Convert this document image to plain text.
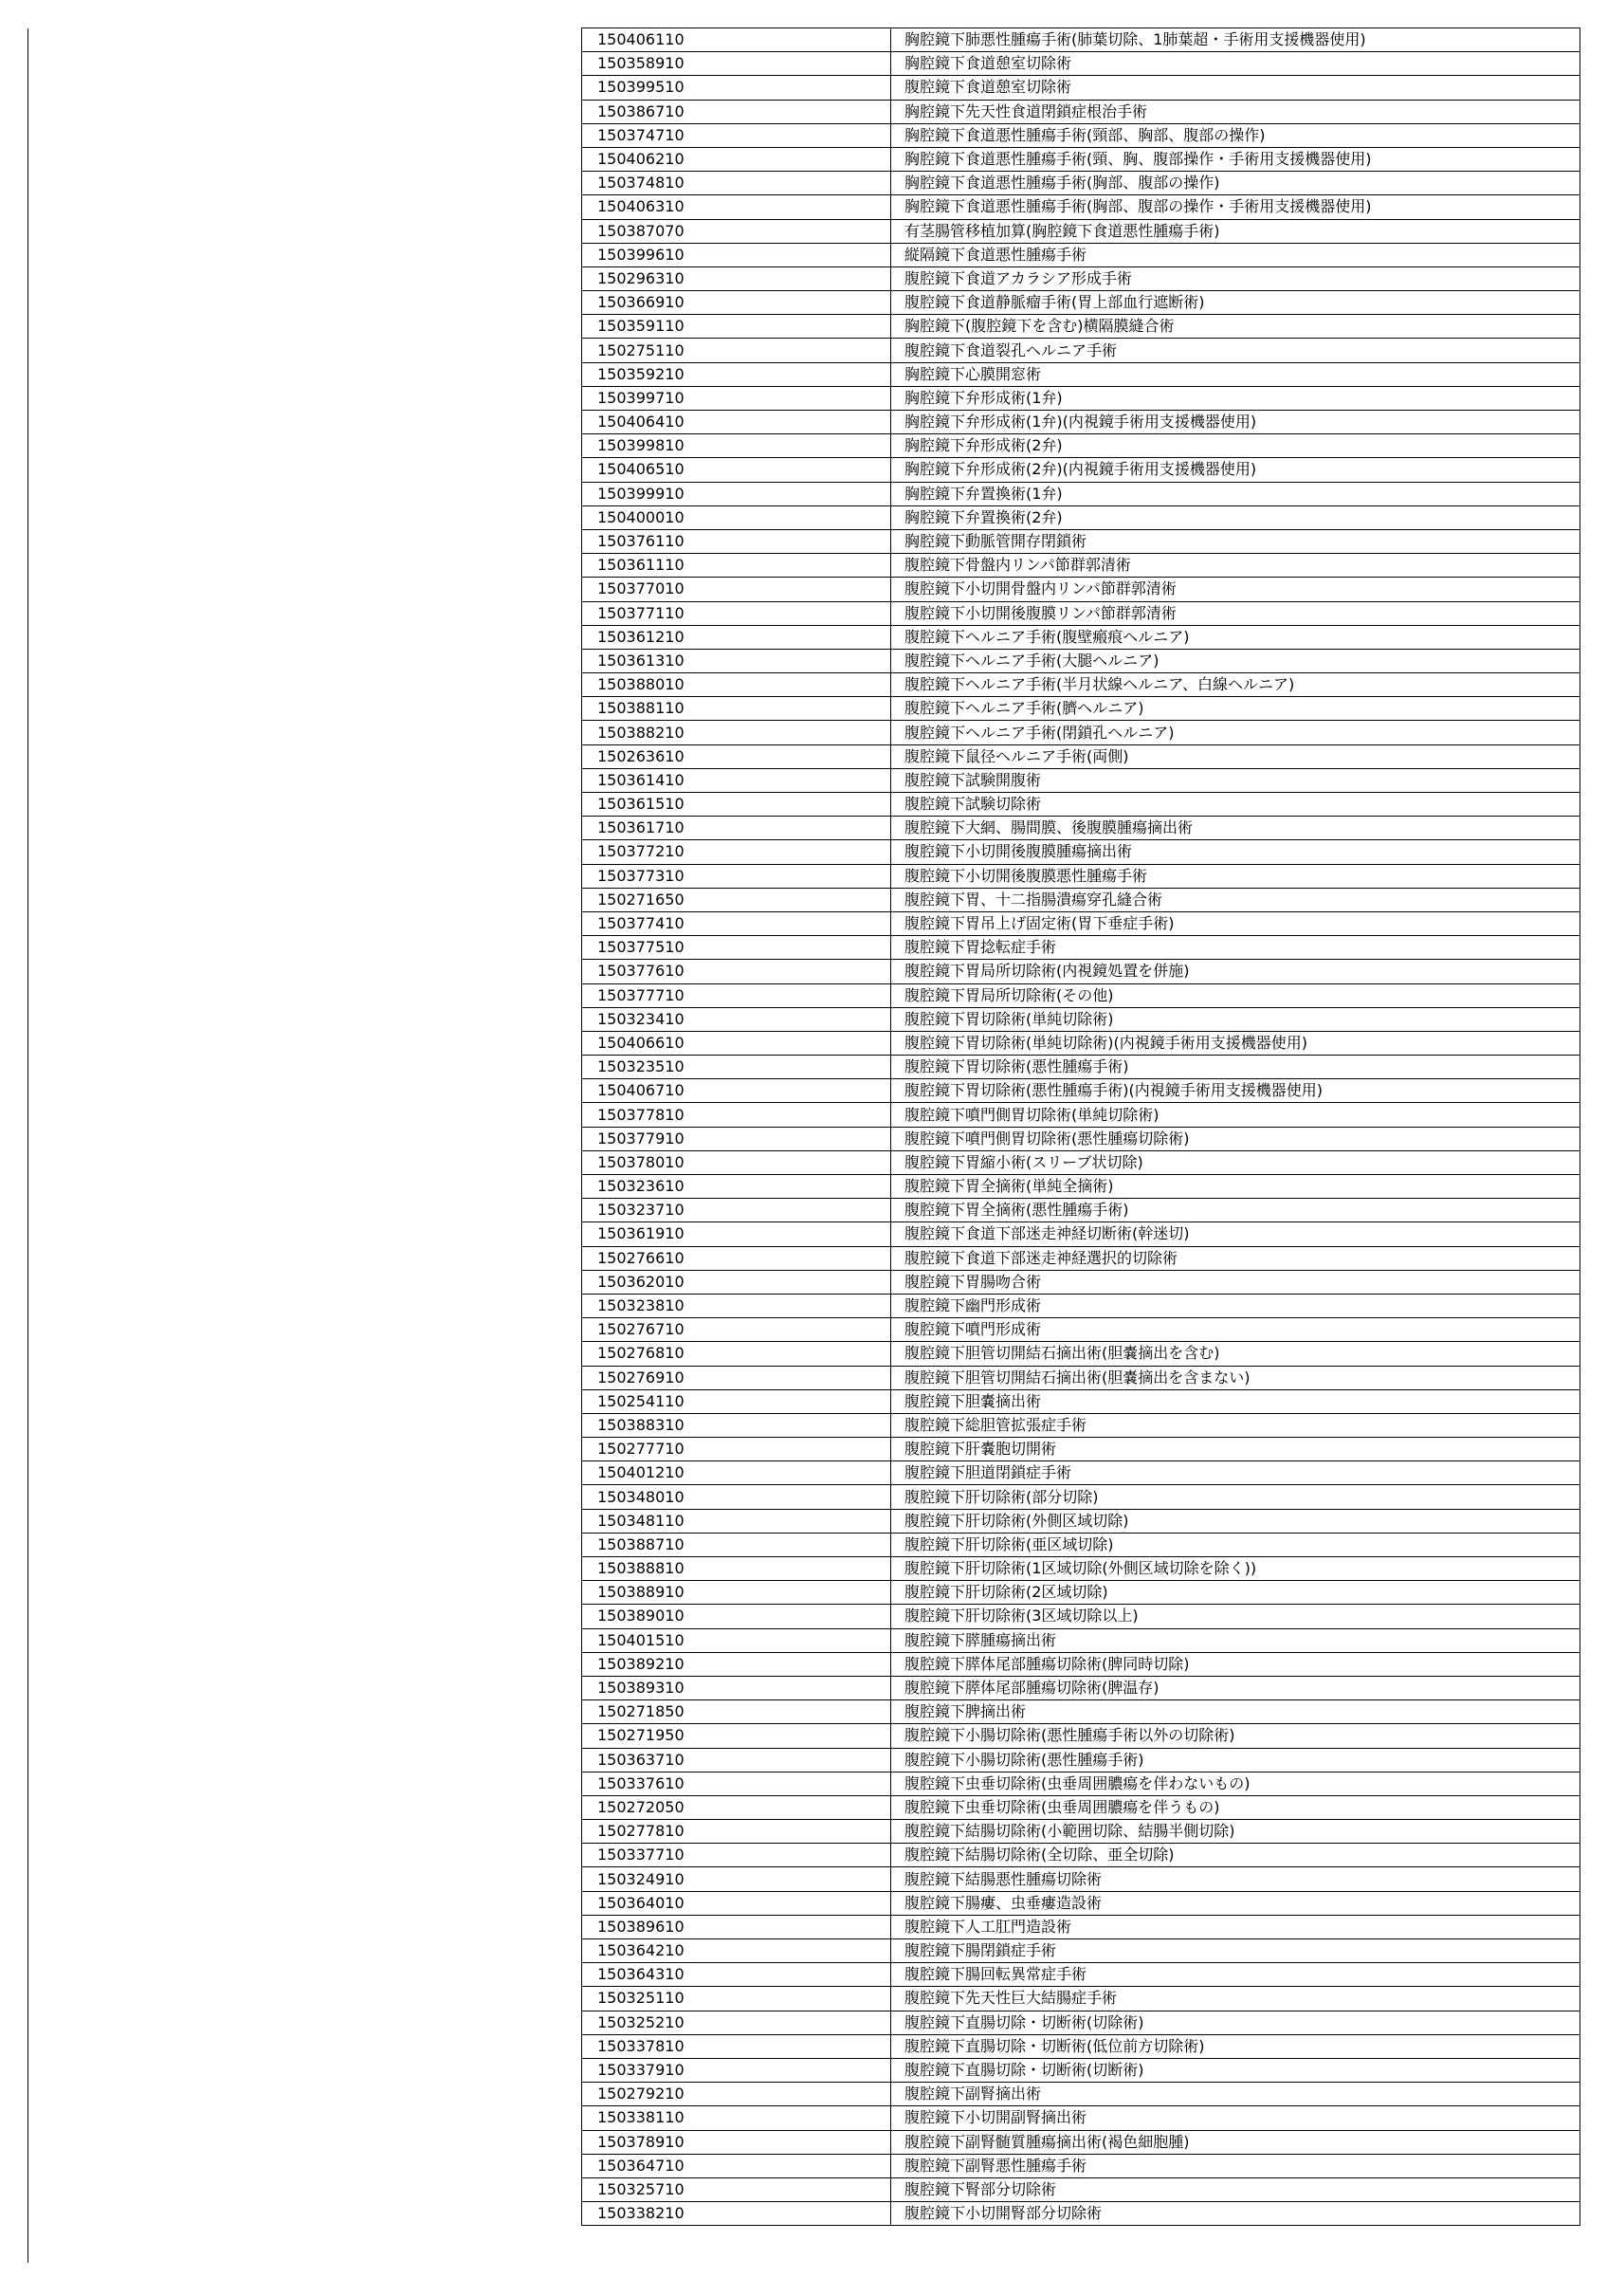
150406110	胸腔鏡下肺悪性腫瘍手術(肺葉切除、1肺葉超・手術用支援機器使用)
150358910	胸腔鏡下食道憩室切除術
150399510	腹腔鏡下食道憩室切除術
150386710	胸腔鏡下先天性食道閉鎖症根治手術
150374710	胸腔鏡下食道悪性腫瘍手術(頸部、胸部、腹部の操作)
150406210	胸腔鏡下食道悪性腫瘍手術(頸、胸、腹部操作・手術用支援機器使用)
150374810	胸腔鏡下食道悪性腫瘍手術(胸部、腹部の操作)
150406310	胸腔鏡下食道悪性腫瘍手術(胸部、腹部の操作・手術用支援機器使用)
150387070	有茎腸管移植加算(胸腔鏡下食道悪性腫瘍手術)
150399610	縦隔鏡下食道悪性腫瘍手術
150296310	腹腔鏡下食道アカラシア形成手術
150366910	腹腔鏡下食道静脈瘤手術(胃上部血行遮断術)
150359110	胸腔鏡下(腹腔鏡下を含む)横隔膜縫合術
150275110	腹腔鏡下食道裂孔ヘルニア手術
150359210	胸腔鏡下心膜開窓術
150399710	胸腔鏡下弁形成術(1弁)
150406410	胸腔鏡下弁形成術(1弁)(内視鏡手術用支援機器使用)
150399810	胸腔鏡下弁形成術(2弁)
150406510	胸腔鏡下弁形成術(2弁)(内視鏡手術用支援機器使用)
150399910	胸腔鏡下弁置換術(1弁)
150400010	胸腔鏡下弁置換術(2弁)
150376110	胸腔鏡下動脈管開存閉鎖術
150361110	腹腔鏡下骨盤内リンパ節群郭清術
150377010	腹腔鏡下小切開骨盤内リンパ節群郭清術
150377110	腹腔鏡下小切開後腹膜リンパ節群郭清術
150361210	腹腔鏡下ヘルニア手術(腹壁瘢痕ヘルニア)
150361310	腹腔鏡下ヘルニア手術(大腿ヘルニア)
150388010	腹腔鏡下ヘルニア手術(半月状線ヘルニア、白線ヘルニア)
150388110	腹腔鏡下ヘルニア手術(臍ヘルニア)
150388210	腹腔鏡下ヘルニア手術(閉鎖孔ヘルニア)
150263610	腹腔鏡下鼠径ヘルニア手術(両側)
150361410	腹腔鏡下試験開腹術
150361510	腹腔鏡下試験切除術
150361710	腹腔鏡下大網、腸間膜、後腹膜腫瘍摘出術
150377210	腹腔鏡下小切開後腹膜腫瘍摘出術
150377310	腹腔鏡下小切開後腹膜悪性腫瘍手術
150271650	腹腔鏡下胃、十二指腸潰瘍穿孔縫合術
150377410	腹腔鏡下胃吊上げ固定術(胃下垂症手術)
150377510	腹腔鏡下胃捻転症手術
150377610	腹腔鏡下胃局所切除術(内視鏡処置を併施)
150377710	腹腔鏡下胃局所切除術(その他)
150323410	腹腔鏡下胃切除術(単純切除術)
150406610	腹腔鏡下胃切除術(単純切除術)(内視鏡手術用支援機器使用)
150323510	腹腔鏡下胃切除術(悪性腫瘍手術)
150406710	腹腔鏡下胃切除術(悪性腫瘍手術)(内視鏡手術用支援機器使用)
150377810	腹腔鏡下噴門側胃切除術(単純切除術)
150377910	腹腔鏡下噴門側胃切除術(悪性腫瘍切除術)
150378010	腹腔鏡下胃縮小術(スリーブ状切除)
150323610	腹腔鏡下胃全摘術(単純全摘術)
150323710	腹腔鏡下胃全摘術(悪性腫瘍手術)
150361910	腹腔鏡下食道下部迷走神経切断術(幹迷切)
150276610	腹腔鏡下食道下部迷走神経選択的切除術
150362010	腹腔鏡下胃腸吻合術
150323810	腹腔鏡下幽門形成術
150276710	腹腔鏡下噴門形成術
150276810	腹腔鏡下胆管切開結石摘出術(胆嚢摘出を含む)
150276910	腹腔鏡下胆管切開結石摘出術(胆嚢摘出を含まない)
150254110	腹腔鏡下胆嚢摘出術
150388310	腹腔鏡下総胆管拡張症手術
150277710	腹腔鏡下肝嚢胞切開術
150401210	腹腔鏡下胆道閉鎖症手術
150348010	腹腔鏡下肝切除術(部分切除)
150348110	腹腔鏡下肝切除術(外側区域切除)
150388710	腹腔鏡下肝切除術(亜区域切除)
150388810	腹腔鏡下肝切除術(1区域切除(外側区域切除を除く))
150388910	腹腔鏡下肝切除術(2区域切除)
150389010	腹腔鏡下肝切除術(3区域切除以上)
150401510	腹腔鏡下膵腫瘍摘出術
150389210	腹腔鏡下膵体尾部腫瘍切除術(脾同時切除)
150389310	腹腔鏡下膵体尾部腫瘍切除術(脾温存)
150271850	腹腔鏡下脾摘出術
150271950	腹腔鏡下小腸切除術(悪性腫瘍手術以外の切除術)
150363710	腹腔鏡下小腸切除術(悪性腫瘍手術)
150337610	腹腔鏡下虫垂切除術(虫垂周囲膿瘍を伴わないもの)
150272050	腹腔鏡下虫垂切除術(虫垂周囲膿瘍を伴うもの)
150277810	腹腔鏡下結腸切除術(小範囲切除、結腸半側切除)
150337710	腹腔鏡下結腸切除術(全切除、亜全切除)
150324910	腹腔鏡下結腸悪性腫瘍切除術
150364010	腹腔鏡下腸瘻、虫垂瘻造設術
150389610	腹腔鏡下人工肛門造設術
150364210	腹腔鏡下腸閉鎖症手術
150364310	腹腔鏡下腸回転異常症手術
150325110	腹腔鏡下先天性巨大結腸症手術
150325210	腹腔鏡下直腸切除・切断術(切除術)
150337810	腹腔鏡下直腸切除・切断術(低位前方切除術)
150337910	腹腔鏡下直腸切除・切断術(切断術)
150279210	腹腔鏡下副腎摘出術
150338110	腹腔鏡下小切開副腎摘出術
150378910	腹腔鏡下副腎髄質腫瘍摘出術(褐色細胞腫)
150364710	腹腔鏡下副腎悪性腫瘍手術
150325710	腹腔鏡下腎部分切除術
150338210	腹腔鏡下小切開腎部分切除術
